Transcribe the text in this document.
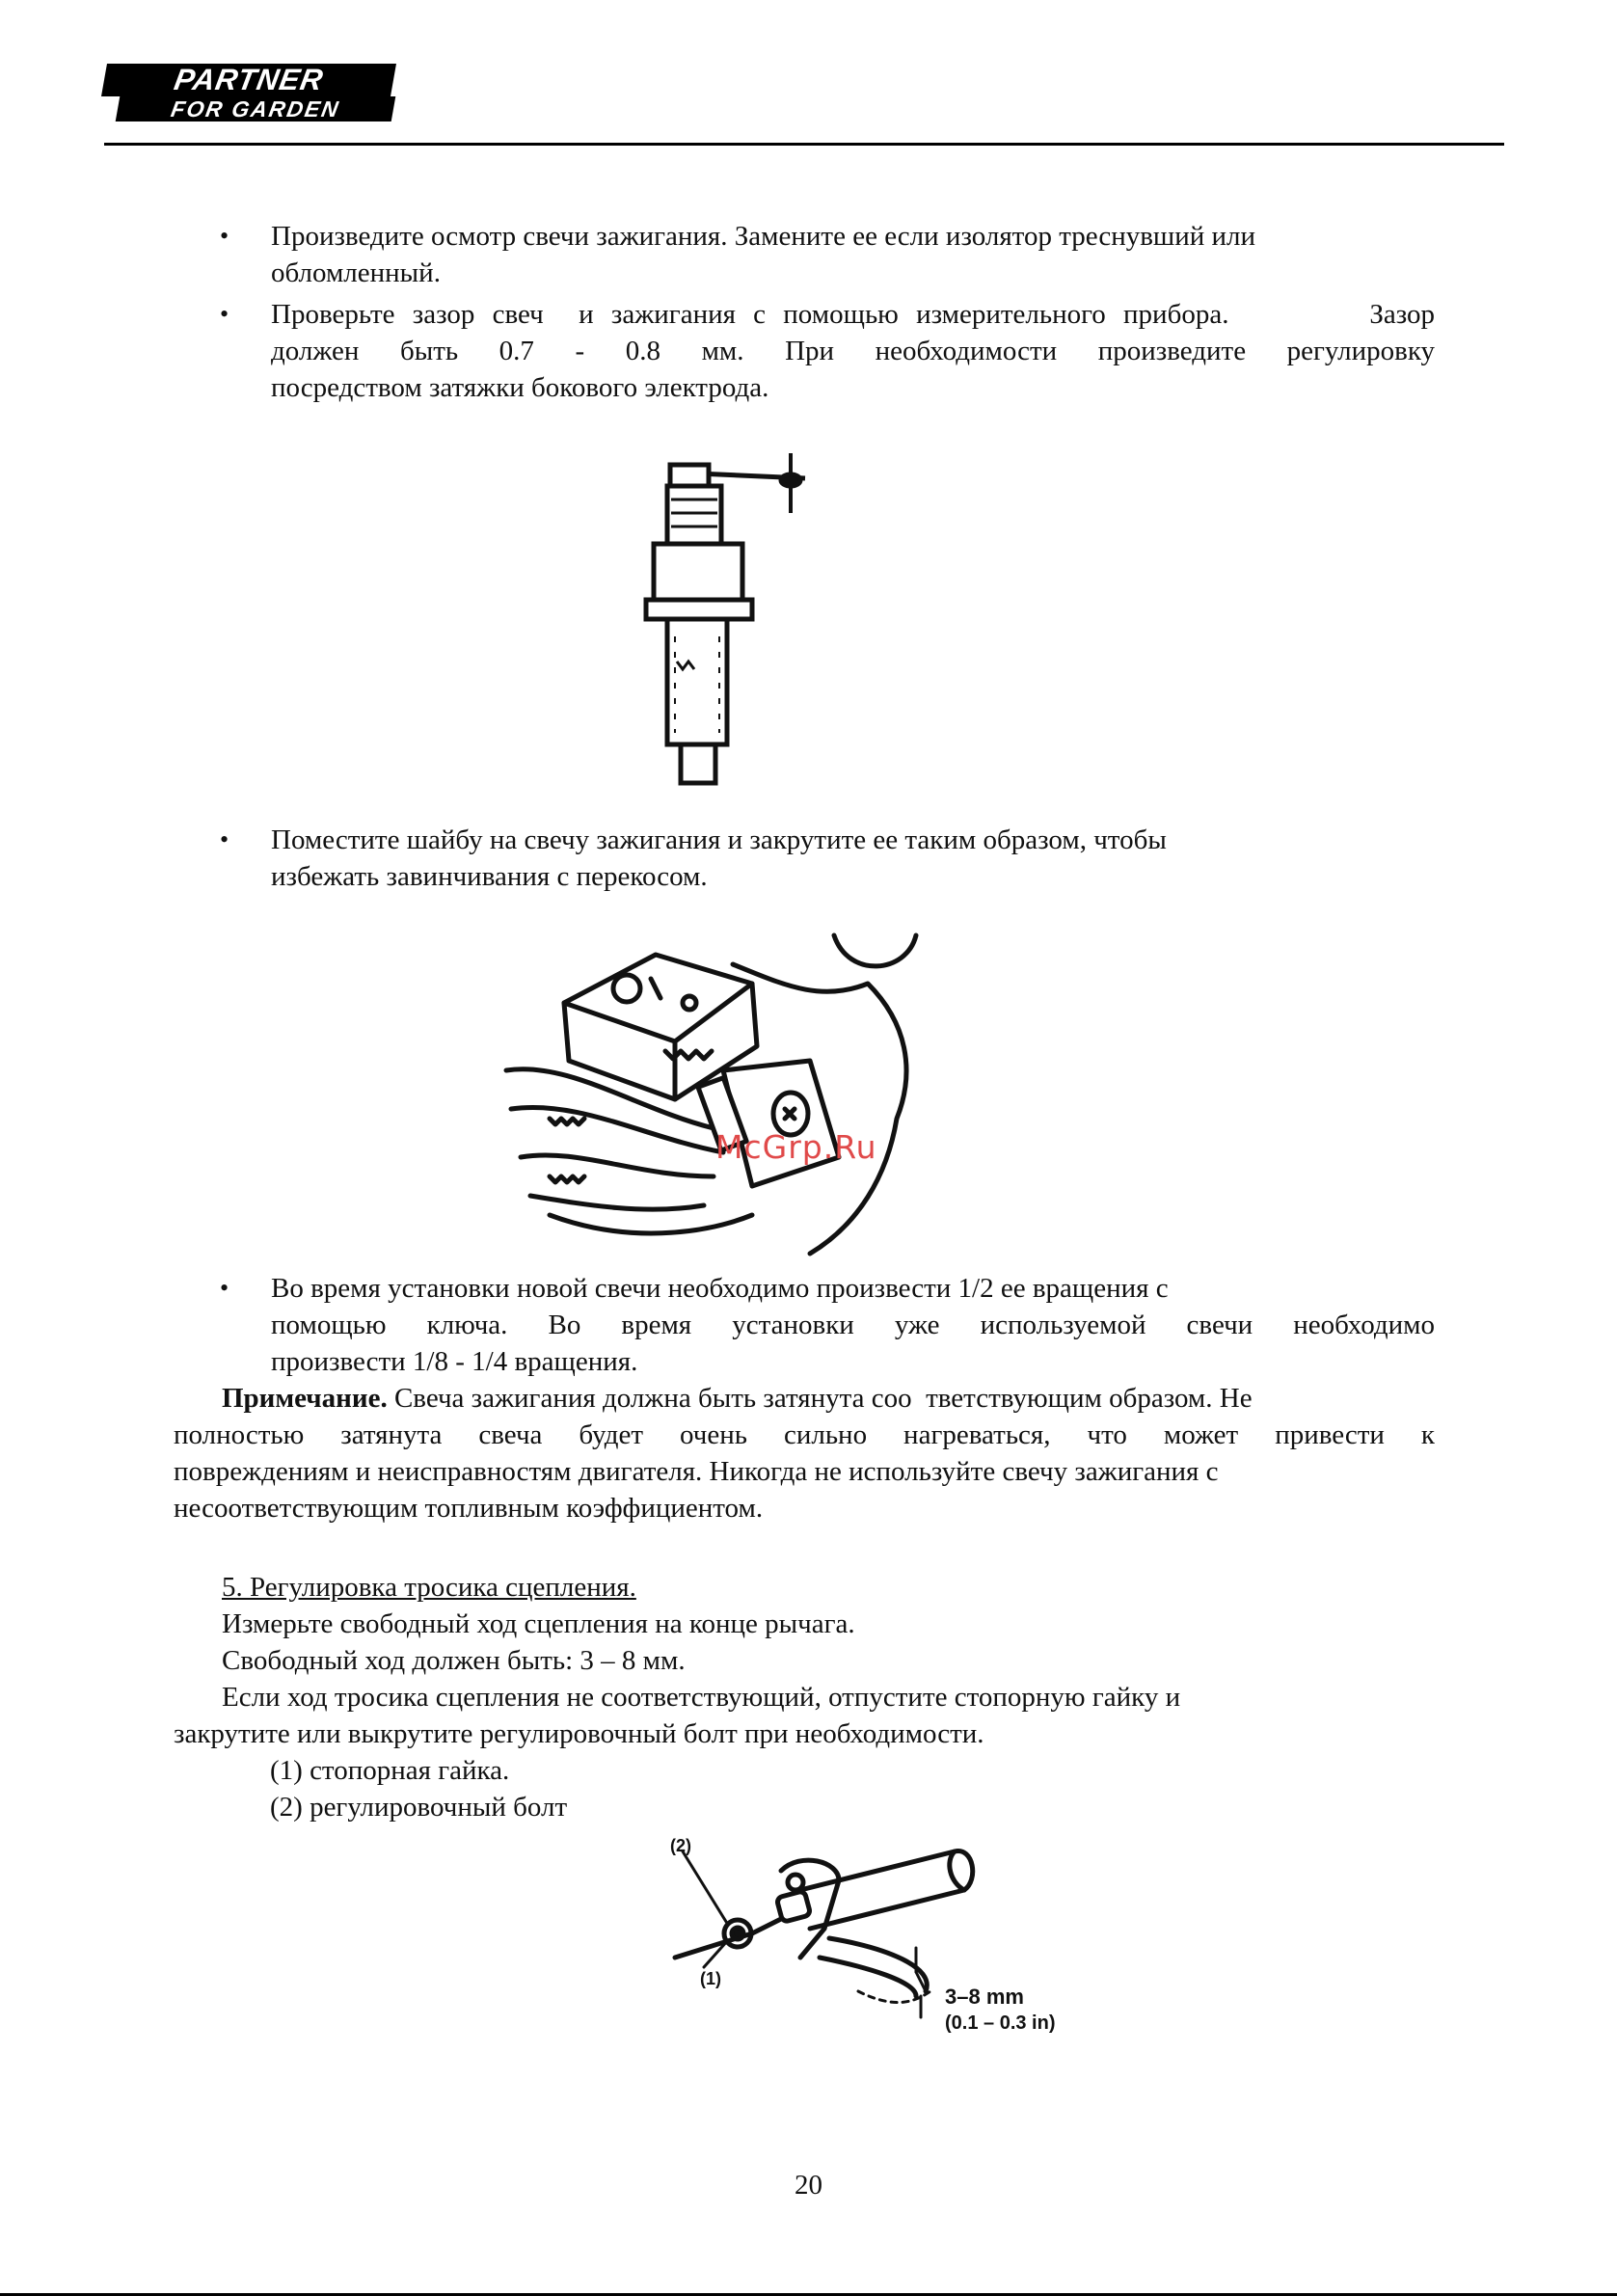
PARTNER
FOR GARDEN
•	Произведите осмотр свечи зажигания. Замените ее если изолятор треснувший или
обломленный.
•	Проверьте зазор свеч  и зажигания с помощью измерительного прибора.        Зазор
должен быть 0.7 - 0.8 мм. При необходимости произведите регулировку
посредством затяжки бокового электрода.
•	Поместите шайбу на свечу зажигания и закрутите ее таким образом, чтобы
избежать завинчивания с перекосом.
McGrp.Ru
•	Во время установки новой свечи необходимо произвести 1/2 ее вращения с
помощью ключа. Во время установки уже используемой свечи необходимо
произвести 1/8 - 1/4 вращения.
Примечание. Свеча зажигания должна быть затянута соо  тветствующим образом. Не
полностью затянута свеча будет очень сильно нагреваться, что может привести к
повреждениям и неисправностям двигателя. Никогда не используйте свечу зажигания с
несоответствующим топливным коэффициентом.
5. Регулировка тросика сцепления.
Измерьте свободный ход сцепления на конце рычага.
Свободный ход должен быть: 3 – 8 мм.
Если ход тросика сцепления не соответствующий, отпустите стопорную гайку и
закрутите или выкрутите регулировочный болт при необходимости.
(1) стопорная гайка.
(2) регулировочный болт
(2)
(1)
3–8 mm
(0.1 – 0.3 in)
20
